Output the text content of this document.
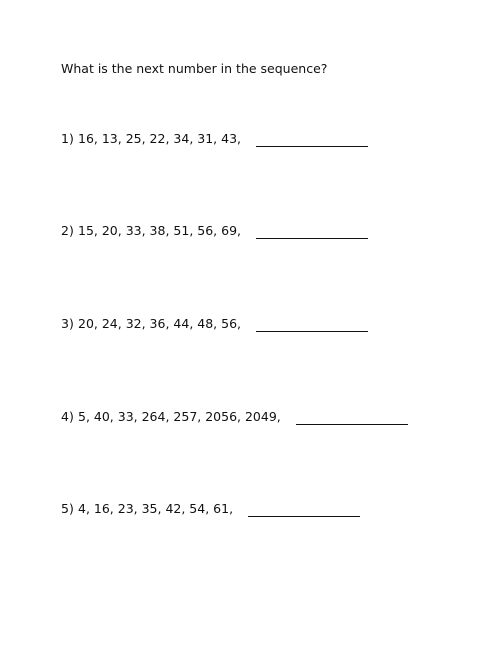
What is the next number in the sequence?
1) 16, 13, 25, 22, 34, 31, 43,
2) 15, 20, 33, 38, 51, 56, 69,
3) 20, 24, 32, 36, 44, 48, 56,
4) 5, 40, 33, 264, 257, 2056, 2049,
5) 4, 16, 23, 35, 42, 54, 61,
